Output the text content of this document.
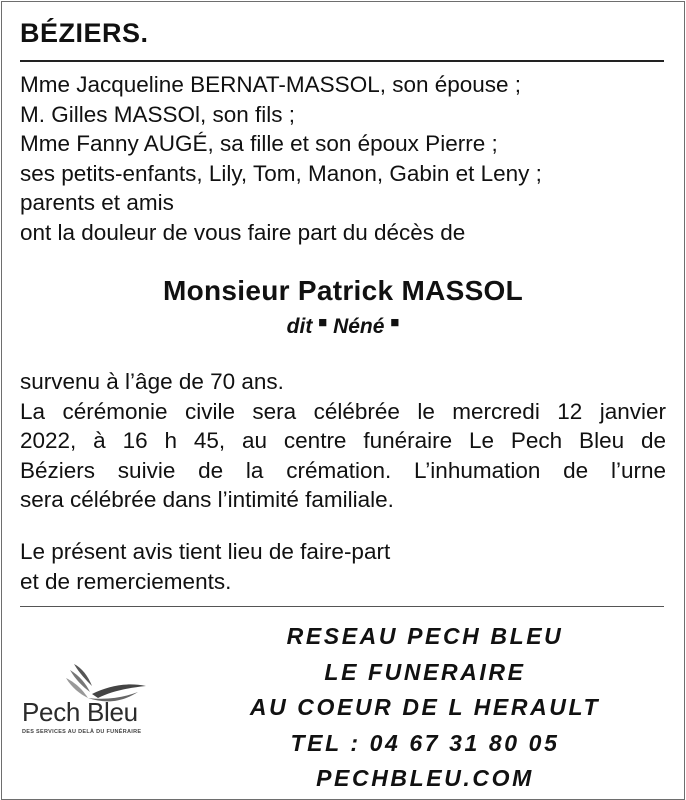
BÉZIERS.
Mme Jacqueline BERNAT-MASSOL, son épouse ;
M. Gilles MASSOl, son fils ;
Mme Fanny AUGÉ, sa fille et son époux Pierre ;
ses petits-enfants, Lily, Tom, Manon, Gabin et Leny ;
parents et amis
ont la douleur de vous faire part du décès de
Monsieur Patrick MASSOL
dit ■ Néné ■
survenu à l’âge de 70 ans.
La cérémonie civile sera célébrée le mercredi 12 janvier
2022, à 16 h 45, au centre funéraire Le Pech Bleu de
Béziers suivie de la crémation. L’inhumation de l’urne
sera célébrée dans l’intimité familiale.
Le présent avis tient lieu de faire-part
et de remerciements.
Pech Bleu
DES SERVICES AU DELÀ DU FUNÉRAIRE
RESEAU PECH BLEU
LE FUNERAIRE
AU COEUR DE L HERAULT
TEL : 04 67 31 80 05
PECHBLEU.COM
